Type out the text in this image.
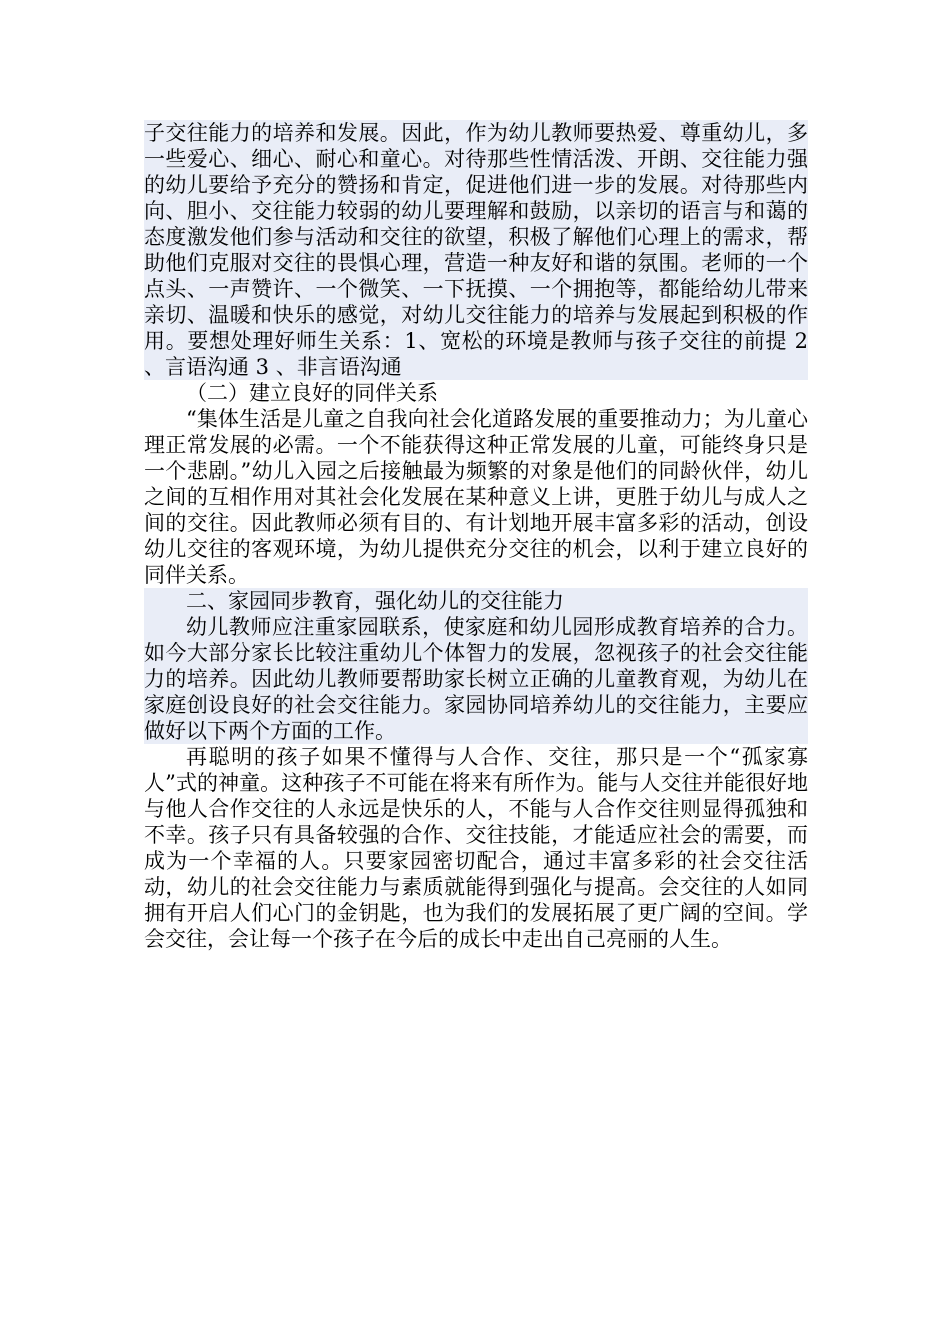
子交往能力的培养和发展。因此，作为幼儿教师要热爱、尊重幼儿，多一些爱心、细心、耐心和童心。对待那些性情活泼、开朗、交往能力强的幼儿要给予充分的赞扬和肯定，促进他们进一步的发展。对待那些内向、胆小、交往能力较弱的幼儿要理解和鼓励，以亲切的语言与和蔼的态度激发他们参与活动和交往的欲望，积极了解他们心理上的需求，帮助他们克服对交往的畏惧心理，营造一种友好和谐的氛围。老师的一个点头、一声赞许、一个微笑、一下抚摸、一个拥抱等，都能给幼儿带来亲切、温暖和快乐的感觉，对幼儿交往能力的培养与发展起到积极的作用。要想处理好师生关系：1、宽松的环境是教师与孩子交往的前提 2 、言语沟通 3 、非言语沟通

（二）建立良好的同伴关系

“集体生活是儿童之自我向社会化道路发展的重要推动力；为儿童心理正常发展的必需。一个不能获得这种正常发展的儿童，可能终身只是一个悲剧。”幼儿入园之后接触最为频繁的对象是他们的同龄伙伴，幼儿之间的互相作用对其社会化发展在某种意义上讲，更胜于幼儿与成人之间的交往。因此教师必须有目的、有计划地开展丰富多彩的活动，创设幼儿交往的客观环境，为幼儿提供充分交往的机会，以利于建立良好的同伴关系。

二、家园同步教育，强化幼儿的交往能力

幼儿教师应注重家园联系，使家庭和幼儿园形成教育培养的合力。如今大部分家长比较注重幼儿个体智力的发展，忽视孩子的社会交往能力的培养。因此幼儿教师要帮助家长树立正确的儿童教育观，为幼儿在家庭创设良好的社会交往能力。家园协同培养幼儿的交往能力，主要应做好以下两个方面的工作。

再聪明的孩子如果不懂得与人合作、交往，那只是一个“孤家寡人”式的神童。这种孩子不可能在将来有所作为。能与人交往并能很好地与他人合作交往的人永远是快乐的人，不能与人合作交往则显得孤独和不幸。孩子只有具备较强的合作、交往技能，才能适应社会的需要，而成为一个幸福的人。只要家园密切配合，通过丰富多彩的社会交往活动，幼儿的社会交往能力与素质就能得到强化与提高。会交往的人如同拥有开启人们心门的金钥匙，也为我们的发展拓展了更广阔的空间。学会交往，会让每一个孩子在今后的成长中走出自己亮丽的人生。
